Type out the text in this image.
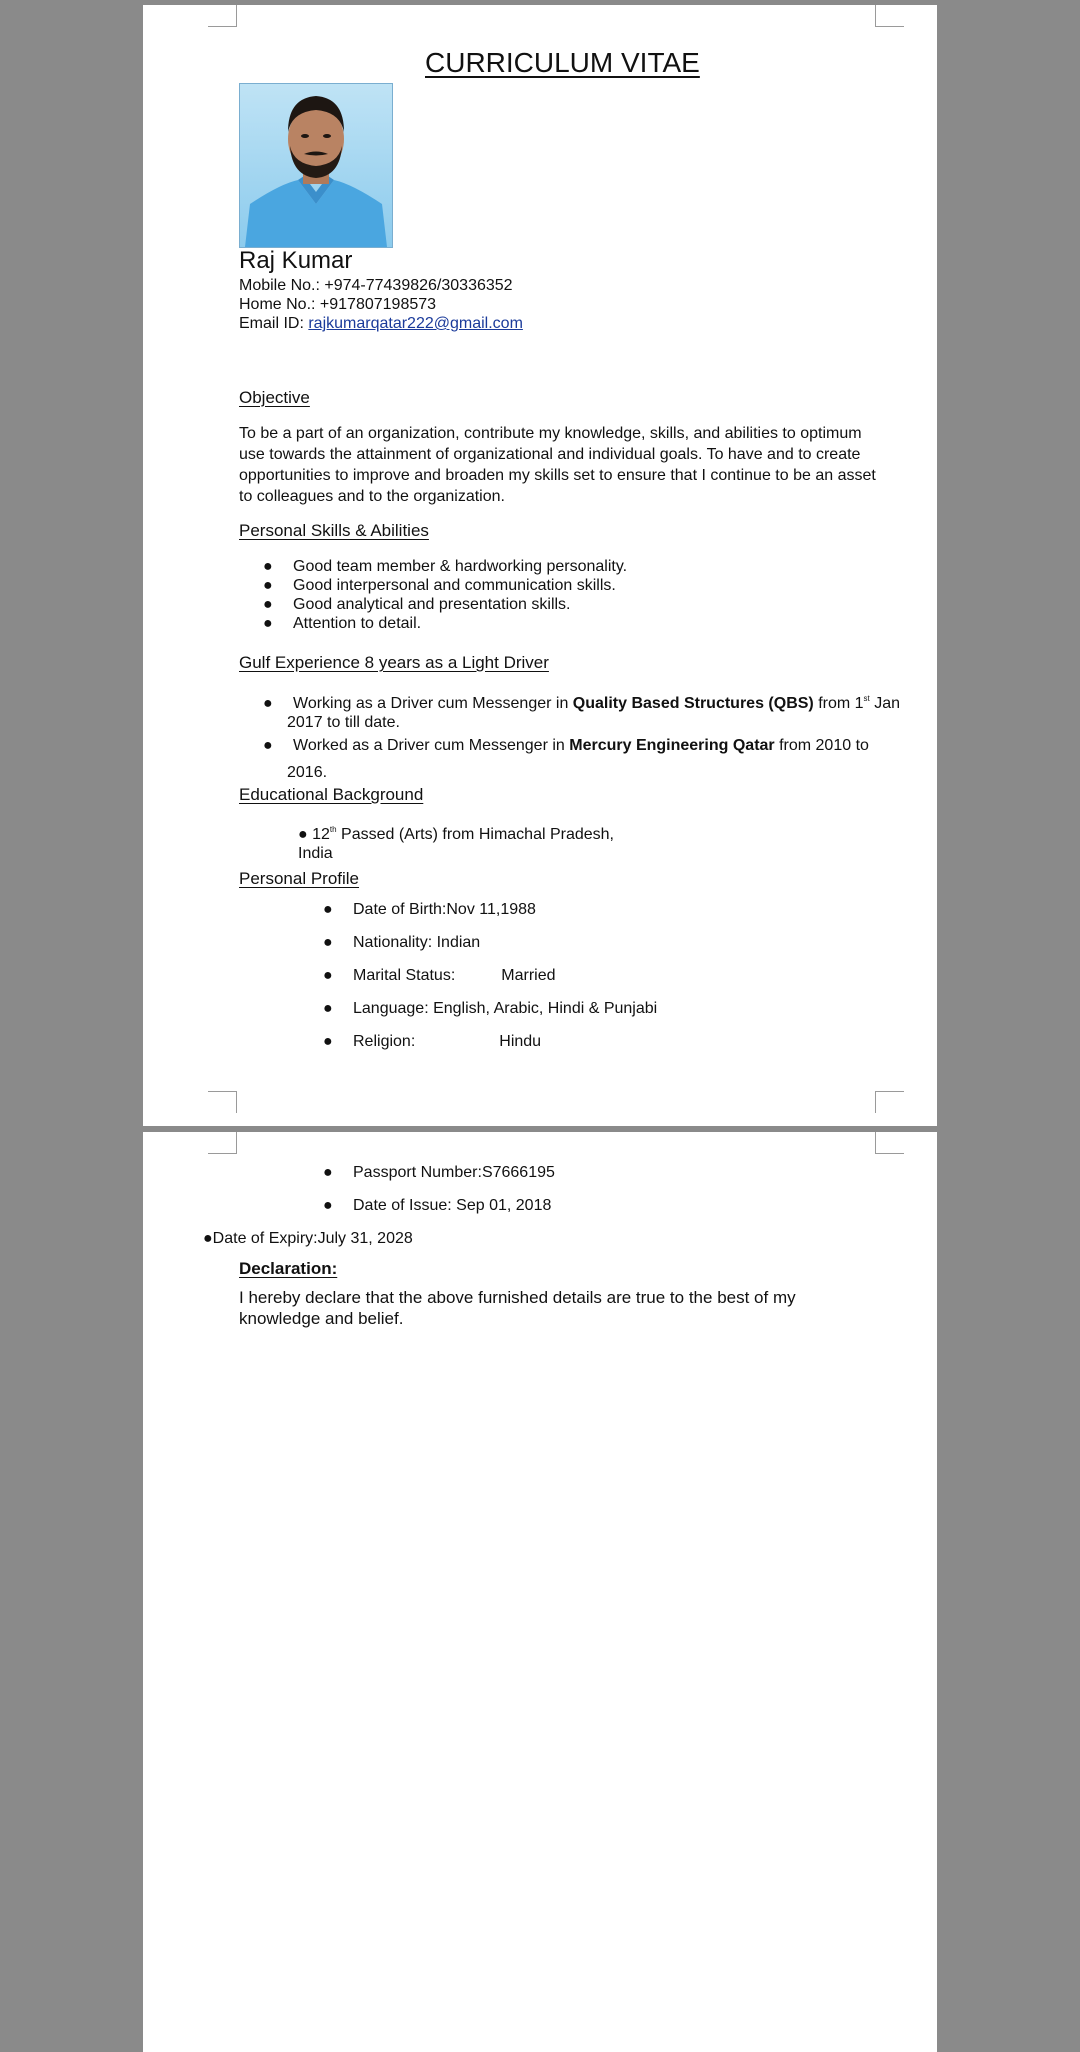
CURRICULUM VITAE
Raj Kumar
Mobile No.: +974-77439826/30336352
Home No.: +917807198573
Email ID: rajkumarqatar222@gmail.com
Objective
To be a part of an organization, contribute my knowledge, skills, and abilities to optimum use towards the attainment of organizational and individual goals. To have and to create opportunities to improve and broaden my skills set to ensure that I continue to be an asset to colleagues and to the organization.
Personal Skills & Abilities
● Good team member & hardworking personality.
● Good interpersonal and communication skills.
● Good analytical and presentation skills.
● Attention to detail.
Gulf Experience 8 years as a Light Driver
● Working as a Driver cum Messenger in Quality Based Structures (QBS) from 1st Jan
2017 to till date.
● Worked as a Driver cum Messenger in Mercury Engineering Qatar from 2010 to
2016.
Educational Background
● 12th Passed (Arts) from Himachal Pradesh,
India
Personal Profile
● Date of Birth:Nov 11,1988
● Nationality: Indian
● Marital Status:	Married
● Language: English, Arabic, Hindi & Punjabi
● Religion:	Hindu
● Passport Number:S7666195
● Date of Issue: Sep 01, 2018
●Date of Expiry:July 31, 2028
Declaration:
I hereby declare that the above furnished details are true to the best of my knowledge and belief.
